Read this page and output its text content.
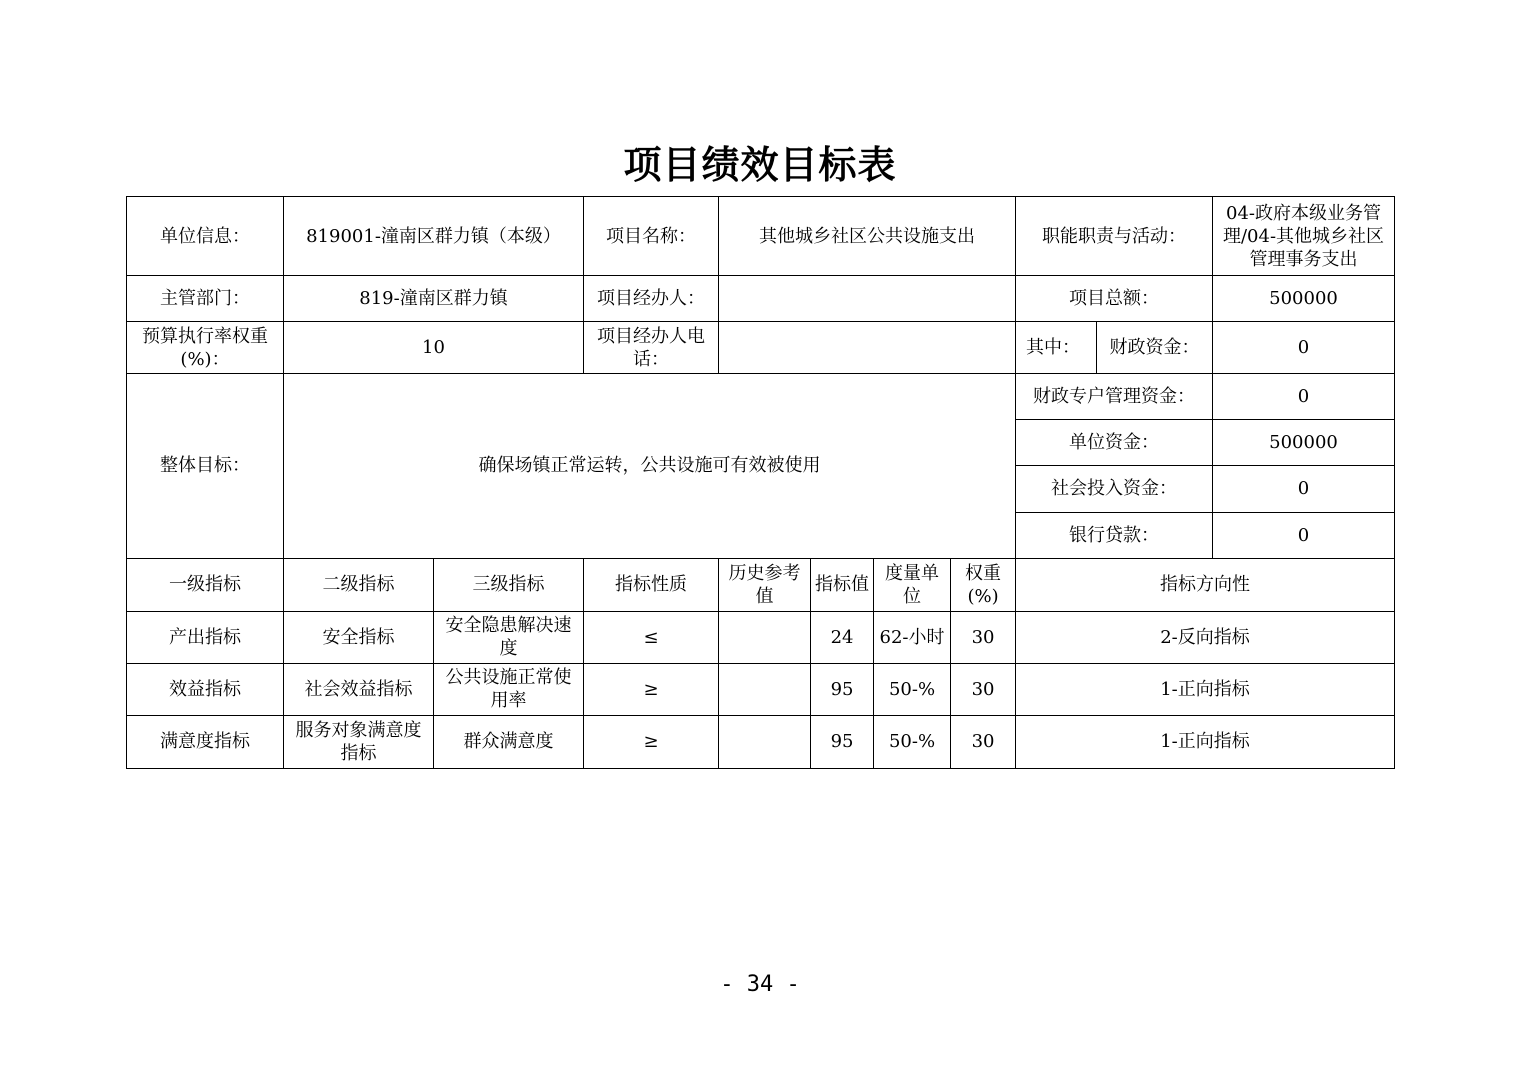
项目绩效目标表
单位信息：	819001-潼南区群力镇（本级）		项目名称：	其他城乡社区公共设施支出				职能职责与活动：		04-政府本级业务管理/04-其他城乡社区管理事务支出
主管部门：	819-潼南区群力镇		项目经办人：					项目总额：		500000
预算执行率权重(%)：	10		项目经办人电话：					其中：	财政资金：	0
整体目标：	确保场镇正常运转，公共设施可有效被使用							财政专户管理资金：		0
								单位资金：		500000
								社会投入资金：		0
								银行贷款：		0
一级指标	二级指标	三级指标	指标性质	历史参考值	指标值	度量单位	权重(%)	指标方向性		
产出指标	安全指标	安全隐患解决速度	≤		24	62-小时	30	2-反向指标		
效益指标	社会效益指标	公共设施正常使用率	≥		95	50-%	30	1-正向指标		
满意度指标	服务对象满意度指标	群众满意度	≥		95	50-%	30	1-正向指标		
- 34 -
